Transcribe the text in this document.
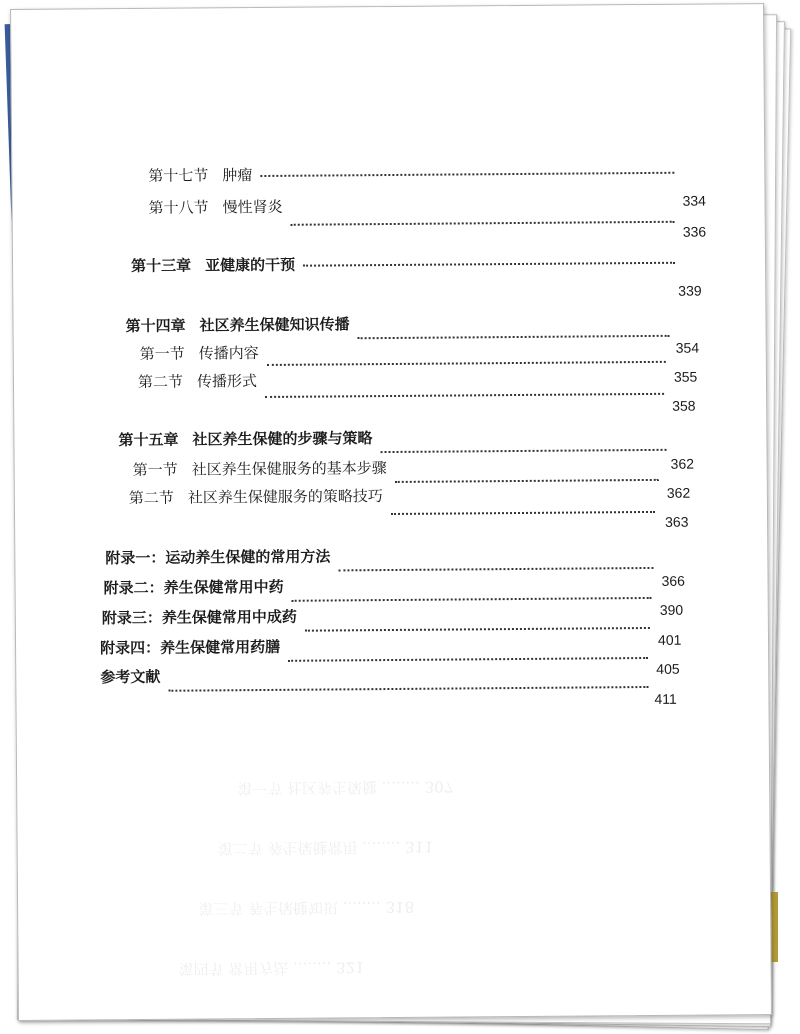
第一节 社区养生保健 ........ 307
第二节 养生保健常用 ........ 311
第三节 养生保健知识 ........ 318
第四节 常用方法 ........ 321
第十七节 肿瘤
334
第十八节 慢性肾炎
336
第十三章 亚健康的干预
339
第十四章 社区养生保健知识传播
354
第一节 传播内容
355
第二节 传播形式
358
第十五章 社区养生保健的步骤与策略
362
第一节 社区养生保健服务的基本步骤
362
第二节 社区养生保健服务的策略技巧
363
附录一： 运动养生保健的常用方法
366
附录二： 养生保健常用中药
390
附录三： 养生保健常用中成药
401
附录四： 养生保健常用药膳
405
参考文献
411
